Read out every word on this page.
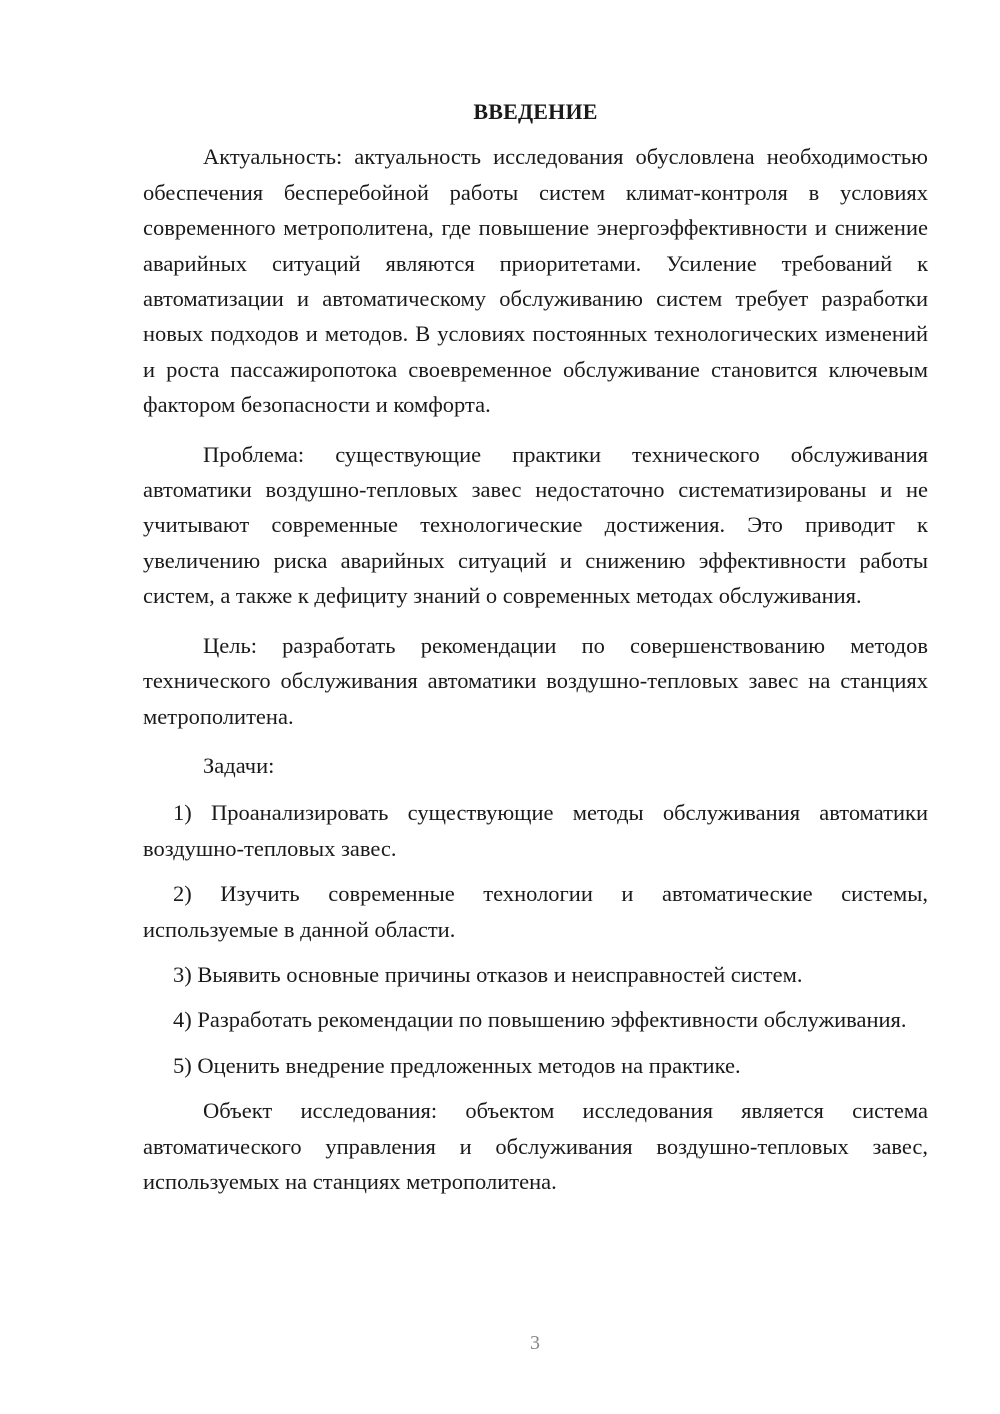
ВВЕДЕНИЕ

Актуальность: актуальность исследования обусловлена необходимостью обеспечения бесперебойной работы систем климат-контроля в условиях современного метрополитена, где повышение энергоэффективности и снижение аварийных ситуаций являются приоритетами. Усиление требований к автоматизации и автоматическому обслуживанию систем требует разработки новых подходов и методов. В условиях постоянных технологических изменений и роста пассажиропотока своевременное обслуживание становится ключевым фактором безопасности и комфорта.

Проблема: существующие практики технического обслуживания автоматики воздушно-тепловых завес недостаточно систематизированы и не учитывают современные технологические достижения. Это приводит к увеличению риска аварийных ситуаций и снижению эффективности работы систем, а также к дефициту знаний о современных методах обслуживания.

Цель: разработать рекомендации по совершенствованию методов технического обслуживания автоматики воздушно-тепловых завес на станциях метрополитена.

Задачи:

1) Проанализировать существующие методы обслуживания автоматики воздушно-тепловых завес.

2) Изучить современные технологии и автоматические системы, используемые в данной области.

3) Выявить основные причины отказов и неисправностей систем.

4) Разработать рекомендации по повышению эффективности обслуживания.

5) Оценить внедрение предложенных методов на практике.

Объект исследования: объектом исследования является система автоматического управления и обслуживания воздушно-тепловых завес, используемых на станциях метрополитена.

3
